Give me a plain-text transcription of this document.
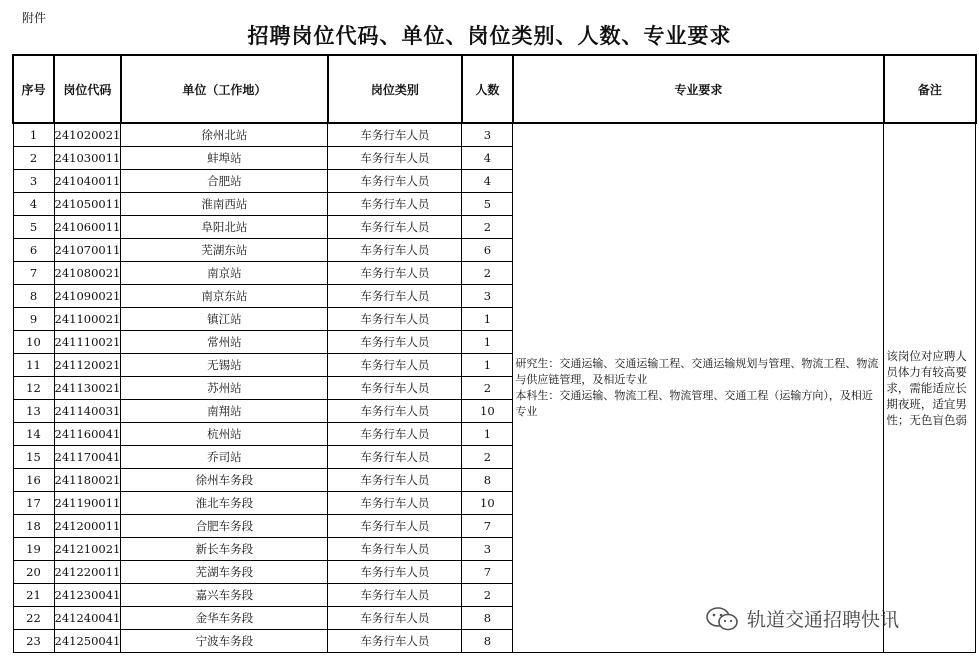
附件
招聘岗位代码、单位、岗位类别、人数、专业要求
序号	岗位代码	单位（工作地）	岗位类别	人数	专业要求	备注
1	241020021	徐州北站	车务行车人员	3	研究生：交通运输、交通运输工程、交通运输规划与管理、物流工程、物流与供应链管理，及相近专业
本科生：交通运输、物流工程、物流管理、交通工程（运输方向），及相近专业	该岗位对应聘人员体力有较高要求，需能适应长期夜班，适宜男性；无色盲色弱
2	241030011	蚌埠站	车务行车人员	4		
3	241040011	合肥站	车务行车人员	4		
4	241050011	淮南西站	车务行车人员	5		
5	241060011	阜阳北站	车务行车人员	2		
6	241070011	芜湖东站	车务行车人员	6		
7	241080021	南京站	车务行车人员	2		
8	241090021	南京东站	车务行车人员	3		
9	241100021	镇江站	车务行车人员	1		
10	241110021	常州站	车务行车人员	1		
11	241120021	无锡站	车务行车人员	1		
12	241130021	苏州站	车务行车人员	2		
13	241140031	南翔站	车务行车人员	10		
14	241160041	杭州站	车务行车人员	1		
15	241170041	乔司站	车务行车人员	2		
16	241180021	徐州车务段	车务行车人员	8		
17	241190011	淮北车务段	车务行车人员	10		
18	241200011	合肥车务段	车务行车人员	7		
19	241210021	新长车务段	车务行车人员	3		
20	241220011	芜湖车务段	车务行车人员	7		
21	241230041	嘉兴车务段	车务行车人员	2		
22	241240041	金华车务段	车务行车人员	8		
23	241250041	宁波车务段	车务行车人员	8		
轨道交通招聘快讯
